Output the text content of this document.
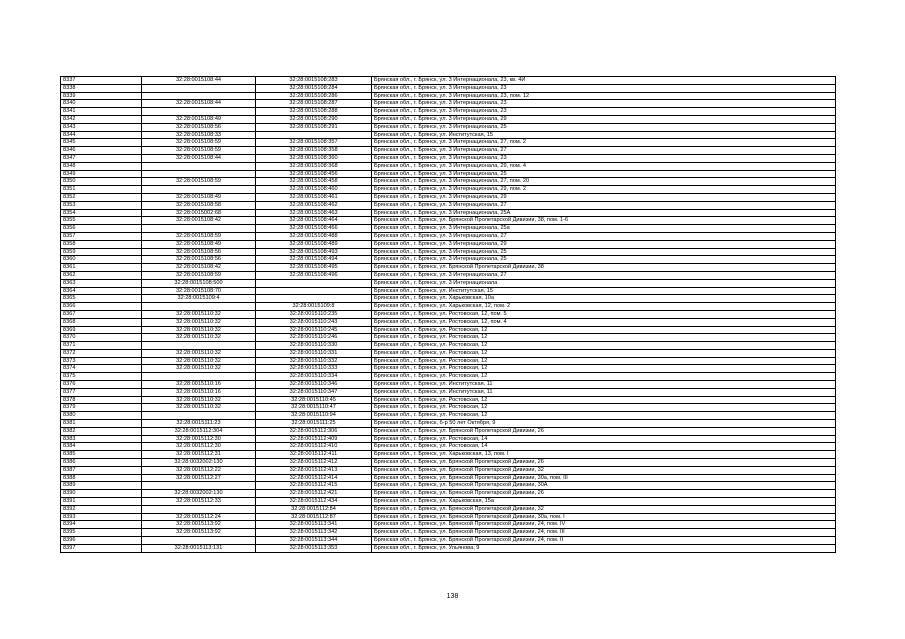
8337	32:28:0015108:44	32:28:0015108:283	Брянская обл., г. Брянск, ул. 3 Интернационала, 23, кв. 4И
8338		32:28:0015108:284	Брянская обл., г. Брянск, ул. 3 Интернационала, 23
8339		32:28:0015108:286	Брянская обл., г. Брянск, ул. 3 Интернационала, 23, пом. 12
8340	32:28:0015108:44	32:28:0015108:287	Брянская обл., г. Брянск, ул. 3 Интернационала, 23
8341		32:28:0015108:288	Брянская обл., г. Брянск, ул. 3 Интернационала, 23
8342	32:28:0015108:49	32:28:0015108:290	Брянская обл., г. Брянск, ул. 3 Интернационала, 29
8343	32:28:0015108:56	32:28:0015108:291	Брянская обл., г. Брянск, ул. 3 Интернационала, 25
8344	32:28:0015108:33		Брянская обл., г. Брянск, ул. Институтская, 15
8345	32:28:0015108:59	32:28:0015108:357	Брянская обл., г. Брянск, ул. 3 Интернационала, 27, пом. 2
8346	32:28:0015108:59	32:28:0015108:358	Брянская обл., г. Брянск, ул. 3 Интернационала, 27
8347	32:28:0015108:44	32:28:0015108:360	Брянская обл., г. Брянск, ул. 3 Интернационала, 23
8348		32:28:0015108:368	Брянская обл., г. Брянск, ул. 3 Интернационала, 29, пом. 4
8349		32:28:0015108:456	Брянская обл., г. Брянск, ул. 3 Интернационала, 25
8350	32:28:0015108:59	32:28:0015108:458	Брянская обл., г. Брянск, ул. 3 Интернационала, 27, пом. 20
8351		32:28:0015108:460	Брянская обл., г. Брянск, ул. 3 Интернационала, 29, пом. 2
8352	32:28:0015108:49	32:28:0015108:461	Брянская обл., г. Брянск, ул. 3 Интернационала, 29
8353	32:28:0015108:58	32:28:0015108:462	Брянская обл., г. Брянск, ул. 3 Интернационала, 27
8354	32:28:0015002:68	32:28:0015108:463	Брянская обл., г. Брянск, ул. 3 Интернационала, 25А
8355	32:28:0015108:42	32:28:0015108:464	Брянская обл., г. Брянск, ул. Брянской Пролетарской Дивизии, 38, пом. 1-6
8356		32:28:0015108:466	Брянская обл., г. Брянск, ул. 3 Интернационала, 25а
8357	32:28:0015108:59	32:28:0015108:488	Брянская обл., г. Брянск, ул. 3 Интернационала, 27
8358	32:28:0015108:49	32:28:0015108:489	Брянская обл., г. Брянск, ул. 3 Интернационала, 29
8359	32:28:0015108:56	32:28:0015108:493	Брянская обл., г. Брянск, ул. 3 Интернационала, 25
8360	32:28:0015108:56	32:28:0015108:494	Брянская обл., г. Брянск, ул. 3 Интернационала, 25
8361	32:28:0015108:42	32:28:0015108:495	Брянская обл., г. Брянск, ул. Брянской Пролетарской Дивизии, 38
8362	32:28:0015108:59	32:28:0015108:496	Брянская обл., г. Брянск, ул. 3 Интернационала, 27
8363	32:28:0015108:500		Брянская обл., г. Брянск, ул. 3 Интернационала
8364	32:28:0015108:70		Брянская обл., г. Брянск, ул. Институтская, 15
8365	32:28:0015109:4		Брянская обл., г. Брянск, ул. Харьковская, 10а
8366		32:28:0015109:8	Брянская обл., г. Брянск, ул. Харьковская, 12, пом. 2
8367	32:28:0015110:32	32:28:0015110:235	Брянская обл., г. Брянск, ул. Ростовская, 12, пом. 5
8368	32:28:0015110:32	32:28:0015110:243	Брянская обл., г. Брянск, ул. Ростовская, 12, пом. 4
8369	32:28:0015110:32	32:28:0015110:245	Брянская обл., г. Брянск, ул. Ростовская, 12
8370	32:28:0015110:32	32:28:0015110:246	Брянская обл., г. Брянск, ул. Ростовская, 12
8371		32:28:0015110:330	Брянская обл., г. Брянск, ул. Ростовская, 12
8372	32:28:0015110:32	32:28:0015110:331	Брянская обл., г. Брянск, ул. Ростовская, 12
8373	32:28:0015110:32	32:28:0015110:332	Брянская обл., г. Брянск, ул. Ростовская, 12
8374	32:28:0015110:32	32:28:0015110:333	Брянская обл., г. Брянск, ул. Ростовская, 12
8375		32:28:0015110:334	Брянская обл., г. Брянск, ул. Ростовская, 12
8376	32:28:0015110:16	32:28:0015110:346	Брянская обл., г. Брянск, ул. Институтская, 11
8377	32:28:0015110:16	32:28:0015110:347	Брянская обл., г. Брянск, ул. Институтская, 11
8378	32:28:0015110:32	32:28:0015110:45	Брянская обл., г. Брянск, ул. Ростовская, 12
8379	32:28:0015110:32	32:28:0015110:47	Брянская обл., г. Брянск, ул. Ростовская, 12
8380		32:28:0015110:94	Брянская обл., г. Брянск, ул. Ростовская, 12
8381	32:28:0015111:23	32:28:0015111:25	Брянская обл., г. Брянск, б-р 50 лет Октября, 9
8382	32:28:0015112:304	32:28:0015112:306	Брянская обл., г. Брянск, ул. Брянской Пролетарской Дивизии, 26
8383	32:28:0015112:30	32:28:0015112:409	Брянская обл., г. Брянск, ул. Ростовская, 14
8384	32:28:0015112:30	32:28:0015112:410	Брянская обл., г. Брянск, ул. Ростовская, 14
8385	32:28:0015112:31	32:28:0015112:411	Брянская обл., г. Брянск, ул. Харьковская, 13, пом. I
8386	32:28:0032002:130	32:28:0015112:412	Брянская обл., г. Брянск, ул. Брянской Пролетарской Дивизии, 26
8387	32:28:0015112:22	32:28:0015112:413	Брянская обл., г. Брянск, ул. Брянской Пролетарской Дивизии, 32
8388	32:28:0015112:27	32:28:0015112:414	Брянская обл., г. Брянск, ул. Брянской Пролетарской Дивизии, 30а, пом. III
8389		32:28:0015112:415	Брянская обл., г. Брянск, ул. Брянской Пролетарской Дивизии, 30А
8390	32:28:0032002:130	32:28:0015112:421	Брянская обл., г. Брянск, ул. Брянской Пролетарской Дивизии, 26
8391	32:28:0015112:33	32:28:0015112:434	Брянская обл., г. Брянск, ул. Харьковская, 15а
8392		32:28:0015112:84	Брянская обл., г. Брянск, ул. Брянской Пролетарской Дивизии, 32
8393	32:28:0015112:24	32:28:0015112:87	Брянская обл., г. Брянск, ул. Брянской Пролетарской Дивизии, 30а, пом. I
8394	32:28:0015113:92	32:28:0015113:341	Брянская обл., г. Брянск, ул. Брянской Пролетарской Дивизии, 24, пом. IV
8395	32:28:0015113:92	32:28:0015113:342	Брянская обл., г. Брянск, ул. Брянской Пролетарской Дивизии, 24, пом. III
8396		32:28:0015113:344	Брянская обл., г. Брянск, ул. Брянской Пролетарской Дивизии, 24, пом. II
8397	32:28:0015113:131	32:28:0015113:353	Брянская обл., г. Брянск, ул. Ульянова, 9
138
